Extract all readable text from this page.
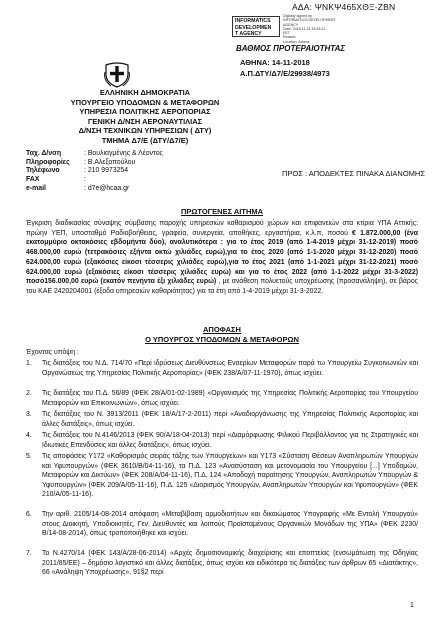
ΑΔΑ: ΨΝΚΨ465ΧΘΞ-ΖΒΝ
INFORMATICS
DEVELOPMEN
T AGENCY
Digitally signed by
INFORMATICS DEVELOPMENT
AGENCY
Date: 2018.11.14 15:03:21
EET
Reason:
Location: Athens
ΒΑΘΜΟΣ ΠΡΟΤΕΡΑΙΟΤΗΤΑΣ
ΑΘΗΝΑ: 14-11-2018
Α.Π.ΔΤΥ/Δ7/Ε/29938/4973
ΕΛΛΗΝΙΚΗ ΔΗΜΟΚΡΑΤΙΑ
ΥΠΟΥΡΓΕΙΟ ΥΠΟΔΟΜΩΝ & ΜΕΤΑΦΟΡΩΝ
ΥΠΗΡΕΣΙΑ ΠΟΛΙΤΙΚΗΣ ΑΕΡΟΠΟΡΙΑΣ
ΓΕΝΙΚΗ Δ/ΝΣΗ ΑΕΡΟΝΑΥΤΙΛΙΑΣ
Δ/ΝΣΗ ΤΕΧΝΙΚΩΝ ΥΠΗΡΕΣΙΩΝ ( ΔΤΥ)
ΤΜΗΜΑ Δ7/Ε (ΔΤΥ/Δ7/Ε)
Ταχ. Δ/νση	: Βουλιαγμένης & Λέοντος
Πληροφορίες : Β.Αλεξοπούλου
Τηλέφωνο	: 210 9973254
FAX	:
e-mail	: d7e@hcaa.gr
ΠΡΟΣ : ΑΠΟΔΕΚΤΕΣ ΠΙΝΑΚΑ ΔΙΑΝΟΜΗΣ
ΠΡΩΤΟΓΕΝΕΣ ΑΙΤΗΜΑ
Έγκριση διαδικασίας σύναψης σύμβασης παροχής υπηρεσιών καθαρισμού χώρων και επιφανειών στα κτίρια ΥΠΑ Αττικής: πρώην ΥΕΠ, υποσταθμό Ραδιοβοήθειας, γραφεία, συνεργεία, αποθήκες, εργαστήρια, κ.λ.π, ποσού € 1.872.000,00 (ένα εκατομμύριο οκτακόσιες εβδομήντα δύο), αναλυτικότερα : για το έτος 2019 (από 1-4-2019 μέχρι 31-12-2019) ποσό 468.000,00 ευρώ (τετρακόσιες εξήντα οκτώ χιλιάδες ευρώ),για το έτος 2020 (από 1-1-2020 μέχρι 31-12-2020) ποσό 624.000,00 ευρώ (εξακόσιες είκοσι τέσσερις χιλιάδες ευρώ),για το έτος 2021 (από 1-1-2021 μέχρι 31-12-2021) ποσό 624.000,00 ευρώ (εξακόσιες είκοσι τέσσερις χιλιάδες ευρώ) και για το έτος 2022 (από 1-1-2022 μέχρι 31-3-2022) ποσό156.000,00 ευρώ (εκατόν πενήντα έξι χιλιάδες ευρώ) , με ανάθεση πολυετούς υποχρέωσης (προσανάληψη), σε βάρος του ΚΑΕ 2420204001 (έξοδα υπηρεσιών καθαριότητας) για τα έτη από 1-4-2019 μέχρι 31-3-2022.
ΑΠΟΦΑΣΗ
Ο ΥΠΟΥΡΓΟΣ ΥΠΟΔΟΜΩΝ & ΜΕΤΑΦΟΡΩΝ
Έχοντας υπόψη :
1. Τις διατάξεις του Ν.Δ. 714/70 «Περί ιδρύσεως Διευθύνσεως Εναερίων Μεταφορών παρά τω Υπουργείω Συγκοινωνιών και Οργανώσεως της Υπηρεσίας Πολιτικής Αεροπορίας» (ΦΕΚ 238/Α/07-11-1970), όπως ισχύει.
2. Τις διατάξεις του Π.Δ. 56/89 (ΦΕΚ 28/Α/01-02-1989) «Οργανισμός της Υπηρεσίας Πολιτικής Αεροπορίας του Υπουργείου Μεταφορών και Επικοινωνιών», όπως ισχύει.
3. Τις διατάξεις του Ν. 3913/2011 (ΦΕΚ 18/Α/17-2-2011) περί «Αναδιοργάνωσης της Υπηρεσίας Πολιτικής Αεροπορίας και άλλες διατάξεις», όπως ισχύει.
4. Τις διατάξεις του Ν.4146/2013 (ΦΕΚ 90/Α/18-04-2013) περί «Διαμόρφωσης Φιλικού Περιβάλλοντος για τις Στρατηγικές και Ιδιωτικές Επενδύσεις και άλλες διατάξεις», όπως ισχύει.
5. Τις αποφάσεις Υ172 «Καθορισμός σειράς τάξης των Υπουργείων» και Υ173 «Σύσταση Θέσεων Αναπληρωτών Υπουργών και Υφυπουργών» (ΦΕΚ 3610/Β/04-11-16), τα Π.Δ. 123 «Ανασύσταση και μετονομασία του Υπουργείου [...] Υποδομών, Μεταφορών και Δικτύων» (ΦΕΚ 208/Α/04-11-16), Π.Δ. 124 «Αποδοχή παραίτησης Υπουργών, Αναπληρωτών Υπουργών & Υφυπουργών» (ΦΕΚ 209/Α/05-11-16), Π.Δ. 125 «Διορισμός Υπουργών, Αναπληρωτών Υπουργών και Υφυπουργών» (ΦΕΚ 210/Α/05-11-16).
6. Την αριθ. 2105/14-08-2014 απόφαση «Μεταβίβαση αρμοδιοτήτων και δικαιώματος Υπογραφής «Με Εντολή Υπουργού» στους Διοικητή, Υποδιοικητές, Γεν. Διευθυντές και λοιπούς Προϊσταμένους Οργανικών Μονάδων της ΥΠΑ» (ΦΕΚ 2230/Β/14-08-2014), όπως τροποποιήθηκε και ισχύει.
7. Το Ν.4270/14 (ΦΕΚ 143/Α/28-06-2014) «Αρχές δημοσιονομικής διαχείρισης και εποπτείας (ενσωμάτωση της Οδηγίας 2011/85/ΕΕ) – δημόσιο λογιστικό και άλλες διατάξεις, όπως ισχύει και ειδικότερα τις διατάξεις των άρθρων 65 «Διατάκτης», 66 «Ανάληψη Υποχρέωσης», 91§2 περί
1
